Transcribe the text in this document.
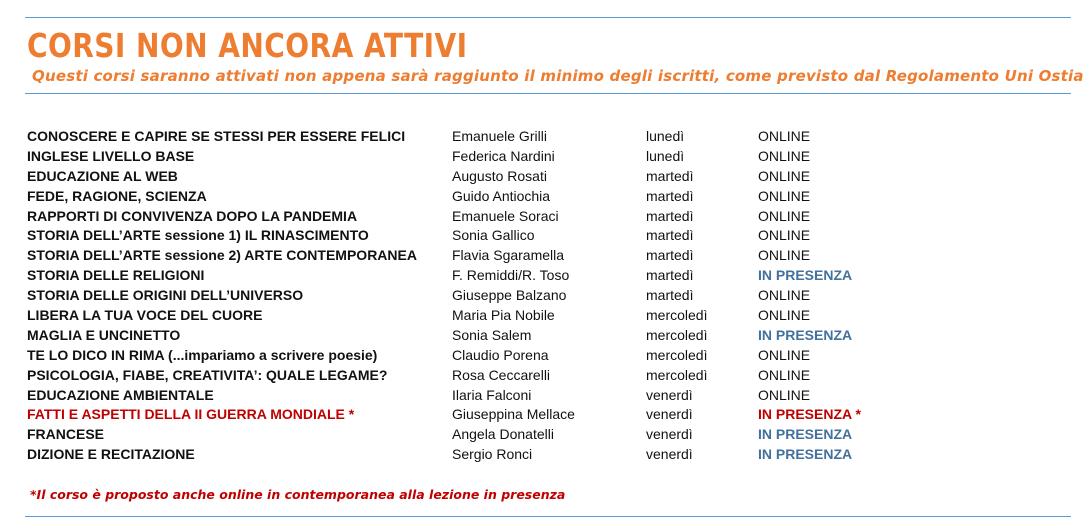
CORSI NON ANCORA ATTIVI
Questi corsi saranno attivati non appena sarà raggiunto il minimo degli iscritti, come previsto dal Regolamento Uni Ostia
CONOSCERE E CAPIRE SE STESSI PER ESSERE FELICI	Emanuele Grilli	lunedì	ONLINE
INGLESE LIVELLO BASE	Federica Nardini	lunedì	ONLINE
EDUCAZIONE AL WEB	Augusto Rosati	martedì	ONLINE
FEDE, RAGIONE, SCIENZA	Guido Antiochia	martedì	ONLINE
RAPPORTI DI CONVIVENZA DOPO LA PANDEMIA	Emanuele Soraci	martedì	ONLINE
STORIA DELL’ARTE sessione 1) IL RINASCIMENTO	Sonia Gallico	martedì	ONLINE
STORIA DELL’ARTE sessione 2) ARTE CONTEMPORANEA	Flavia Sgaramella	martedì	ONLINE
STORIA DELLE RELIGIONI	F. Remiddi/R. Toso	martedì	IN PRESENZA
STORIA DELLE ORIGINI DELL’UNIVERSO	Giuseppe Balzano	martedì	ONLINE
LIBERA LA TUA VOCE DEL CUORE	Maria Pia Nobile	mercoledì	ONLINE
MAGLIA E UNCINETTO	Sonia Salem	mercoledì	IN PRESENZA
TE LO DICO IN RIMA (...impariamo a scrivere poesie)	Claudio Porena	mercoledì	ONLINE
PSICOLOGIA, FIABE, CREATIVITA’: QUALE LEGAME?	Rosa Ceccarelli	mercoledì	ONLINE
EDUCAZIONE AMBIENTALE	Ilaria Falconi	venerdì	ONLINE
FATTI E ASPETTI DELLA II GUERRA MONDIALE *	Giuseppina Mellace	venerdì	IN PRESENZA *
FRANCESE	Angela Donatelli	venerdì	IN PRESENZA
DIZIONE E RECITAZIONE	Sergio Ronci	venerdì	IN PRESENZA
*Il corso è proposto anche online in contemporanea alla lezione in presenza
